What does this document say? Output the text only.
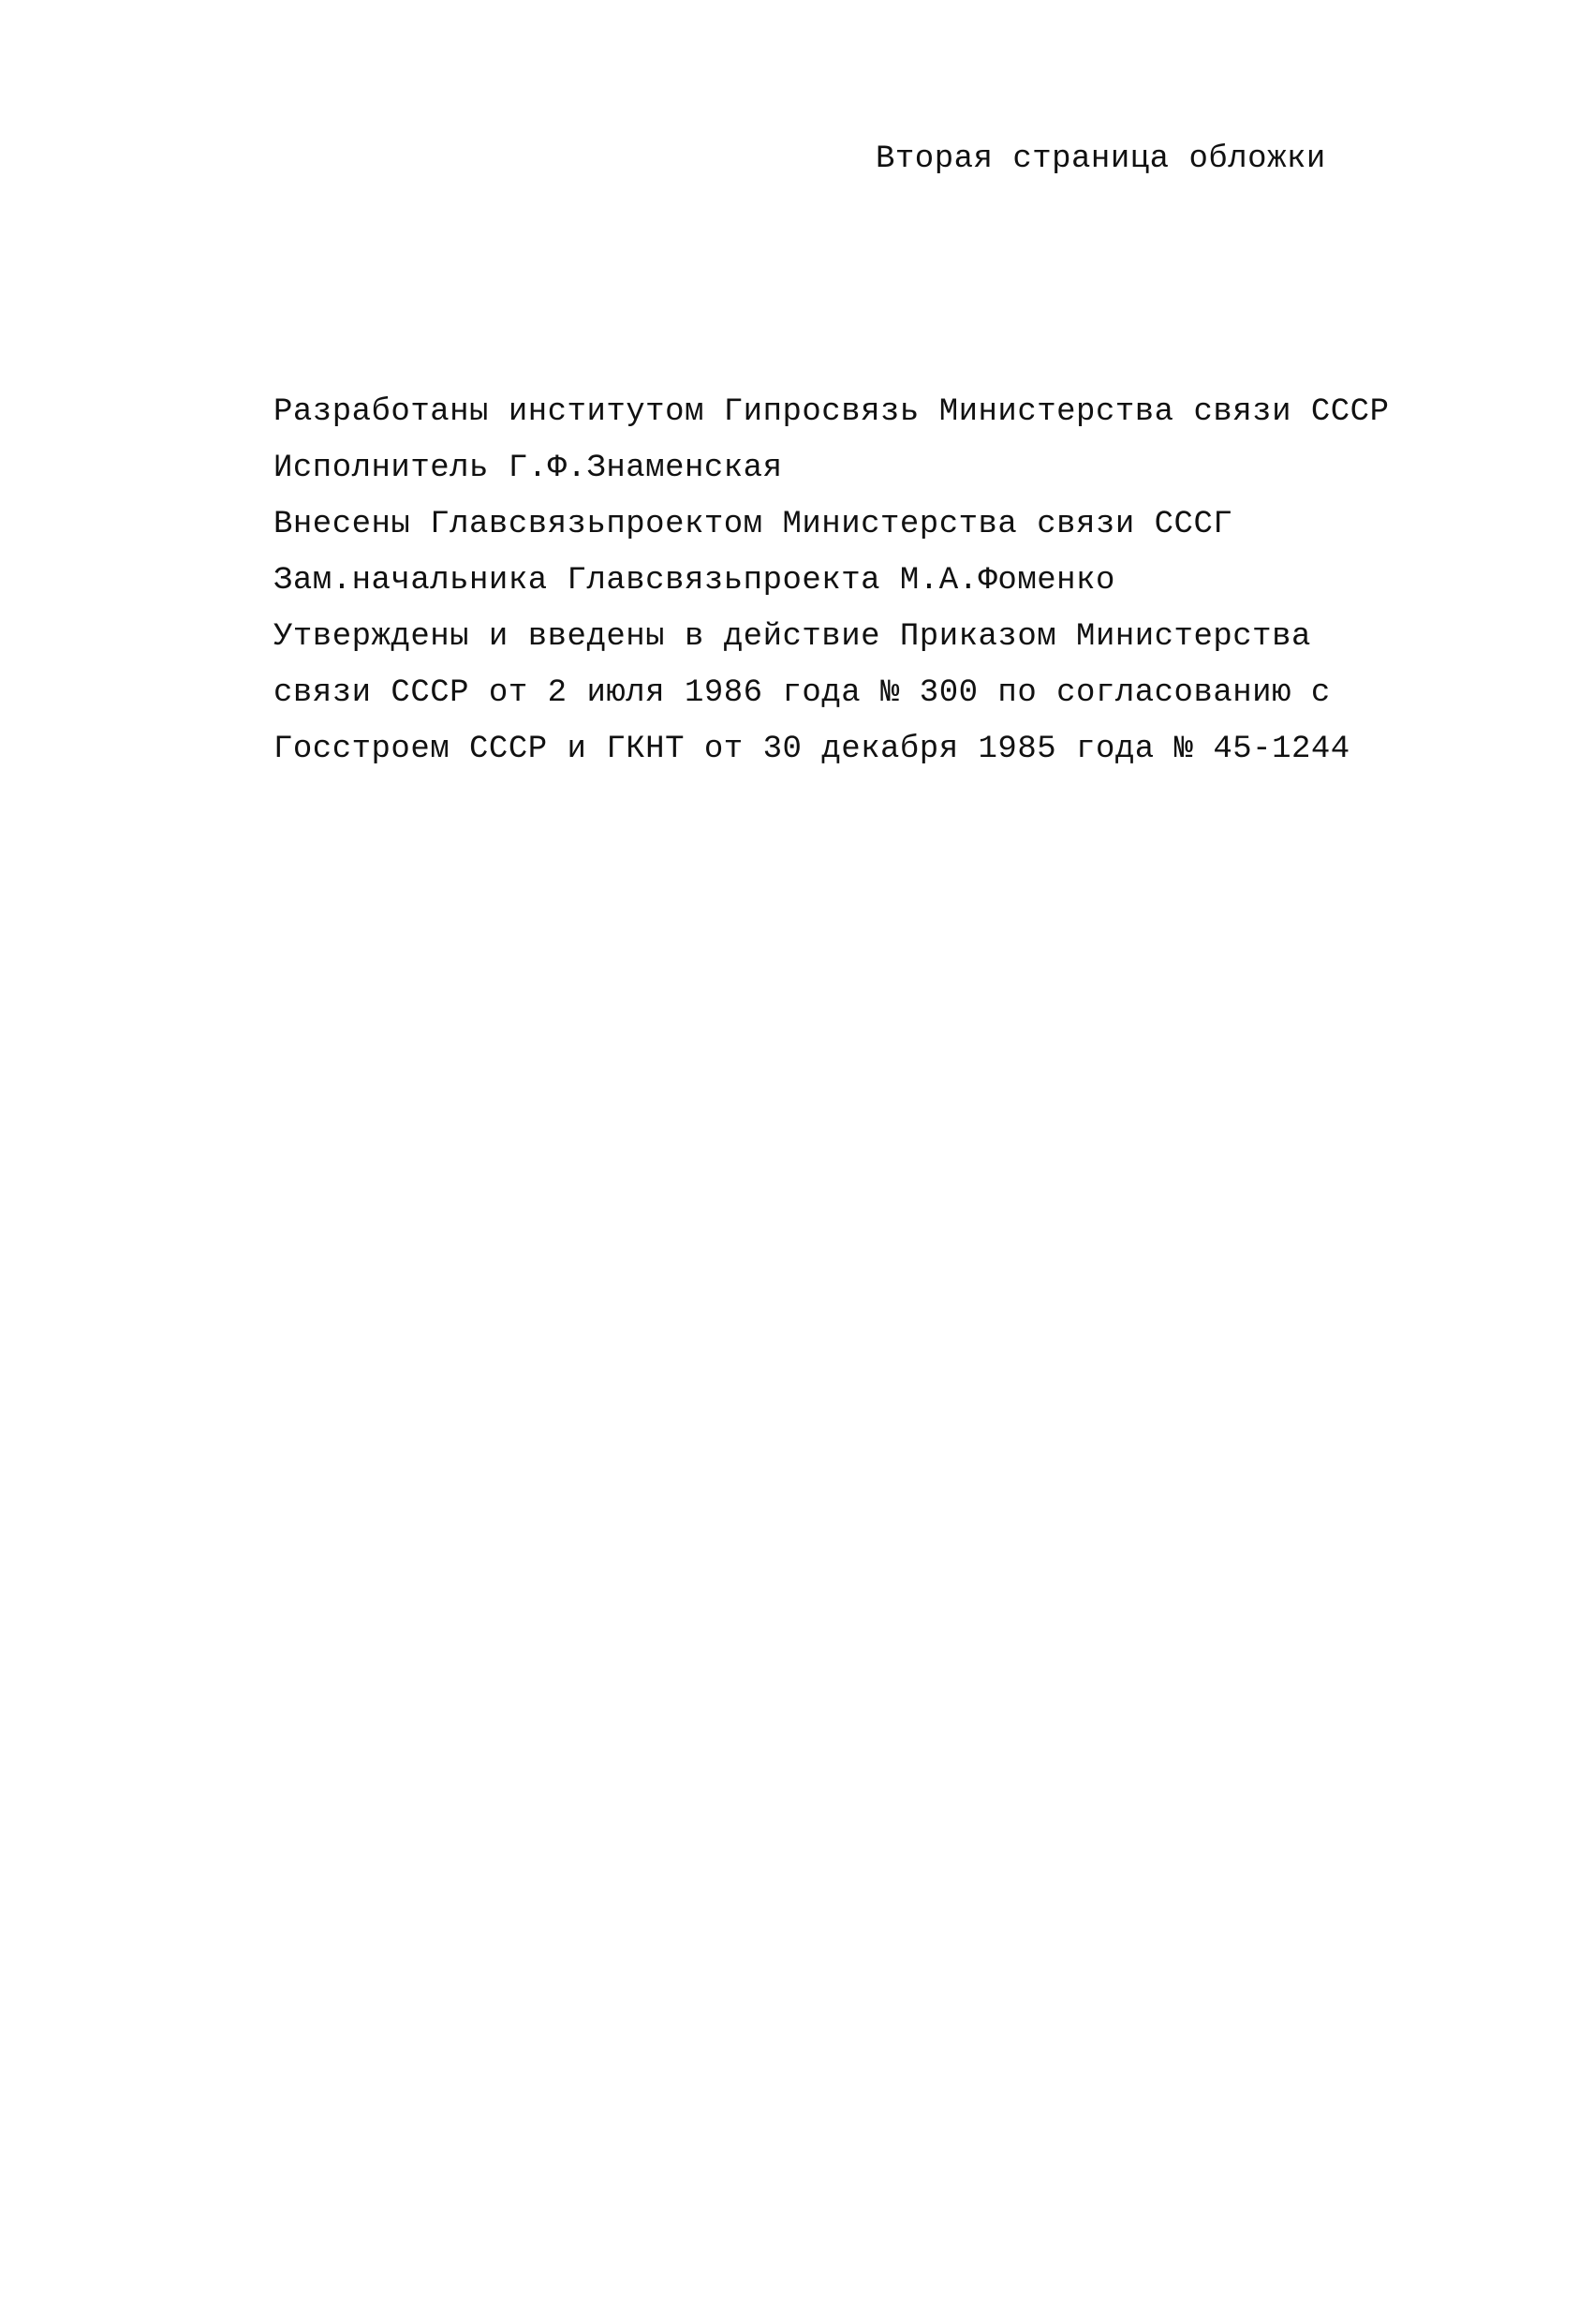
Вторая страница обложки
Разработаны институтом Гипросвязь Министерства связи СССР
Исполнитель Г.Ф.Знаменская
Внесены Главсвязьпроектом Министерства связи СССГ
Зам.начальника Главсвязьпроекта М.А.Фоменко
Утверждены и введены в действие Приказом Министерства
связи СССР от 2 июля 1986 года № 300 по согласованию с
Госстроем СССР и ГКНТ от 30 декабря 1985 года № 45-1244
